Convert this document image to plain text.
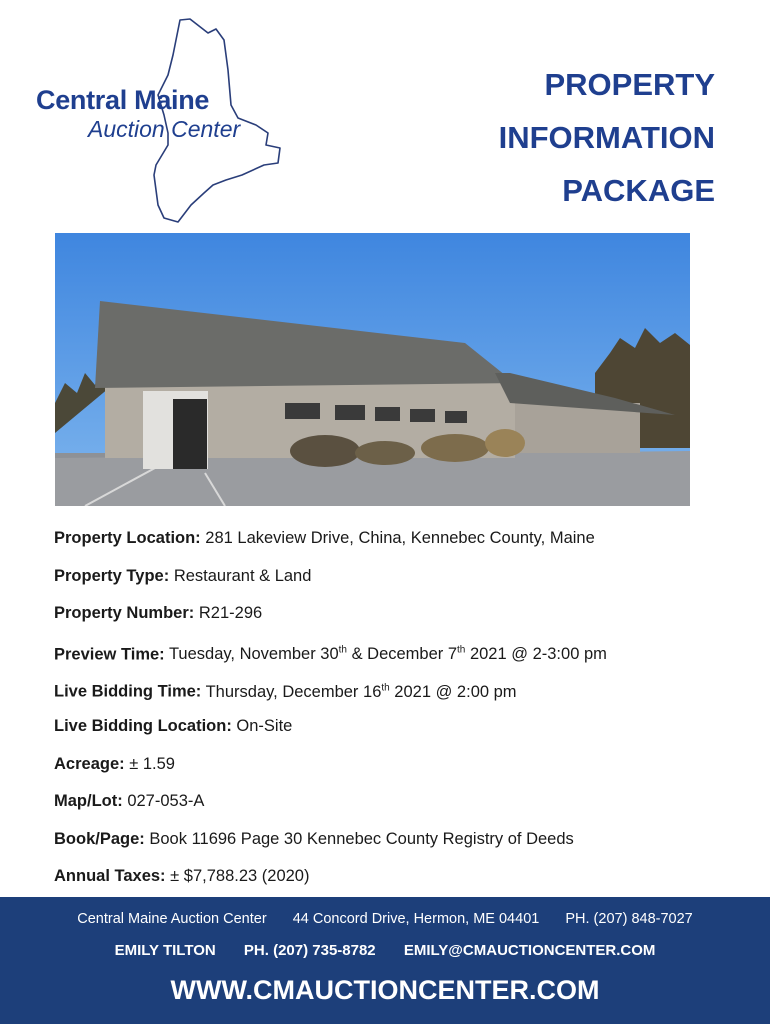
Central Maine
Auction Center
PROPERTY
INFORMATION
PACKAGE
Property Location: 281 Lakeview Drive, China, Kennebec County, Maine
Property Type: Restaurant & Land
Property Number: R21-296
Preview Time: Tuesday, November 30th & December 7th 2021 @ 2-3:00 pm
Live Bidding Time: Thursday, December 16th 2021 @ 2:00 pm
Live Bidding Location: On-Site
Acreage: ± 1.59
Map/Lot: 027-053-A
Book/Page: Book 11696 Page 30 Kennebec County Registry of Deeds
Annual Taxes: ± $7,788.23 (2020)
Central Maine Auction Center 44 Concord Drive, Hermon, ME 04401 PH. (207) 848-7027
EMILY TILTON PH. (207) 735-8782 EMILY@CMAUCTIONCENTER.COM
WWW.CMAUCTIONCENTER.COM
